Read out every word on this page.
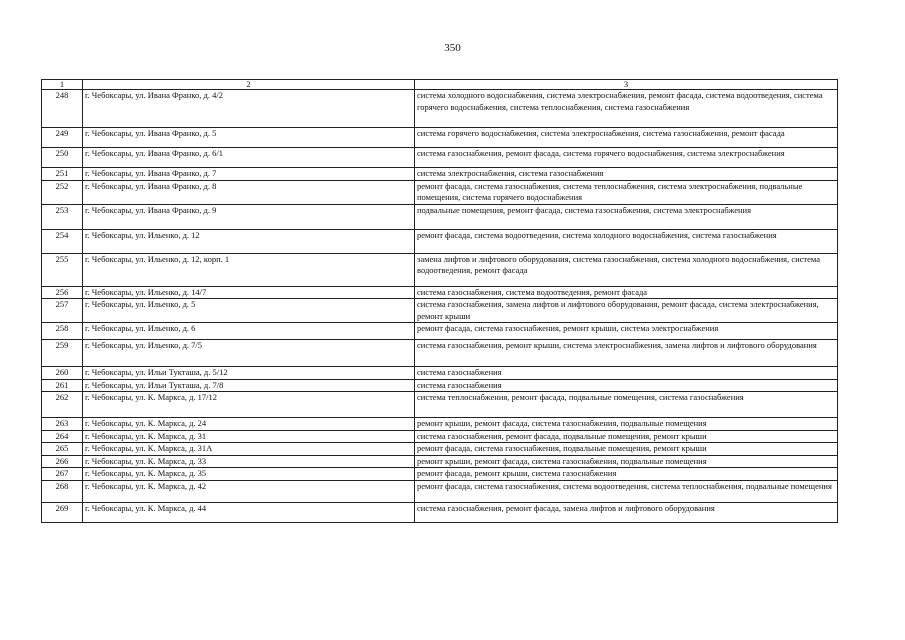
350
1	2	3
248	г. Чебоксары, ул. Ивана Франко, д. 4/2	система холодного водоснабжения, система электроснабжения, ремонт фасада, система водоотведения, система горячего водоснабжения, система теплоснабжения, система газоснабжения
249	г. Чебоксары, ул. Ивана Франко, д. 5	система горячего водоснабжения, система электроснабжения, система газоснабжения, ремонт фасада
250	г. Чебоксары, ул. Ивана Франко, д. 6/1	система газоснабжения, ремонт фасада, система горячего водоснабжения, система электроснабжения
251	г. Чебоксары, ул. Ивана Франко, д. 7	система электроснабжения, система газоснабжения
252	г. Чебоксары, ул. Ивана Франко, д. 8	ремонт фасада, система газоснабжения, система теплоснабжения, система электроснабжения, подвальные помещения, система горячего водоснабжения
253	г. Чебоксары, ул. Ивана Франко, д. 9	подвальные помещения, ремонт фасада, система газоснабжения, система электроснабжения
254	г. Чебоксары, ул. Ильенко, д. 12	ремонт фасада, система водоотведения, система холодного водоснабжения, система газоснабжения
255	г. Чебоксары, ул. Ильенко, д. 12, корп. 1	замена лифтов и лифтового оборудования, система газоснабжения, система холодного водоснабжения, система водоотведения, ремонт фасада
256	г. Чебоксары, ул. Ильенко, д. 14/7	система газоснабжения, система водоотведения, ремонт фасада
257	г. Чебоксары, ул. Ильенко, д. 5	система газоснабжения, замена лифтов и лифтового оборудования, ремонт фасада, система электроснабжения, ремонт крыши
258	г. Чебоксары, ул. Ильенко, д. 6	ремонт фасада, система газоснабжения, ремонт крыши, система электроснабжения
259	г. Чебоксары, ул. Ильенко, д. 7/5	система газоснабжения, ремонт крыши, система электроснабжения, замена лифтов и лифтового оборудования
260	г. Чебоксары, ул. Ильи Тукташа, д. 5/12	система газоснабжения
261	г. Чебоксары, ул. Ильи Тукташа, д. 7/8	система газоснабжения
262	г. Чебоксары, ул. К. Маркса, д. 17/12	система теплоснабжения, ремонт фасада, подвальные помещения, система газоснабжения
263	г. Чебоксары, ул. К. Маркса, д. 24	ремонт крыши, ремонт фасада, система газоснабжения, подвальные помещения
264	г. Чебоксары, ул. К. Маркса, д. 31	система газоснабжения, ремонт фасада, подвальные помещения, ремонт крыши
265	г. Чебоксары, ул. К. Маркса, д. 31А	ремонт фасада, система газоснабжения, подвальные помещения, ремонт крыши
266	г. Чебоксары, ул. К. Маркса, д. 33	ремонт крыши, ремонт фасада, система газоснабжения, подвальные помещения
267	г. Чебоксары, ул. К. Маркса, д. 35	ремонт фасада, ремонт крыши, система газоснабжения
268	г. Чебоксары, ул. К. Маркса, д. 42	ремонт фасада, система газоснабжения, система водоотведения, система теплоснабжения, подвальные помещения
269	г. Чебоксары, ул. К. Маркса, д. 44	система газоснабжения, ремонт фасада, замена лифтов и лифтового оборудования
